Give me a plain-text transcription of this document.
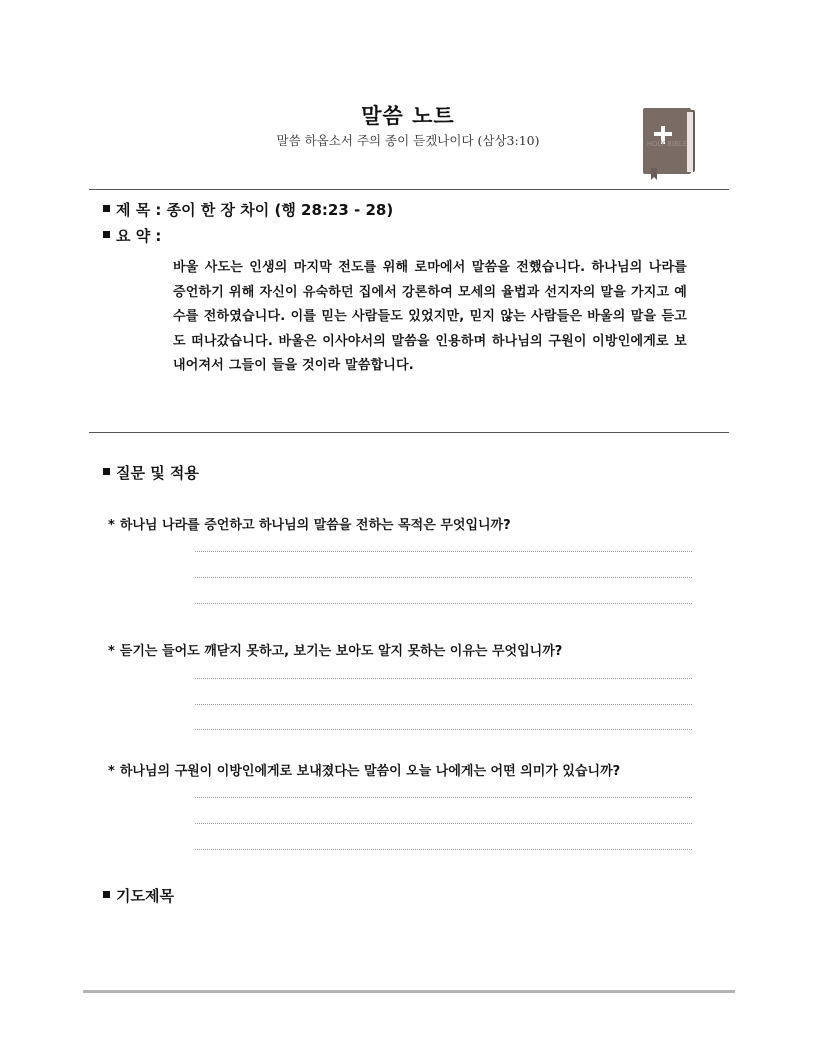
말씀 노트
말씀 하옵소서 주의 종이 듣겠나이다 (삼상3:10)	HOLY BIBLE
제 목 : 종이 한 장 차이 (행 28:23 - 28)
요 약 :
바울 사도는 인생의 마지막 전도를 위해 로마에서 말씀을 전했습니다. 하나님의 나라를 증언하기 위해 자신이 유숙하던 집에서 강론하여 모세의 율법과 선지자의 말을 가지고 예수를 전하였습니다. 이를 믿는 사람들도 있었지만, 믿지 않는 사람들은 바울의 말을 듣고도 떠나갔습니다. 바울은 이사야서의 말씀을 인용하며 하나님의 구원이 이방인에게로 보내어져서 그들이 들을 것이라 말씀합니다.
질문 및 적용
* 하나님 나라를 증언하고 하나님의 말씀을 전하는 목적은 무엇입니까?
* 듣기는 들어도 깨닫지 못하고, 보기는 보아도 알지 못하는 이유는 무엇입니까?
* 하나님의 구원이 이방인에게로 보내졌다는 말씀이 오늘 나에게는 어떤 의미가 있습니까?
기도제목
